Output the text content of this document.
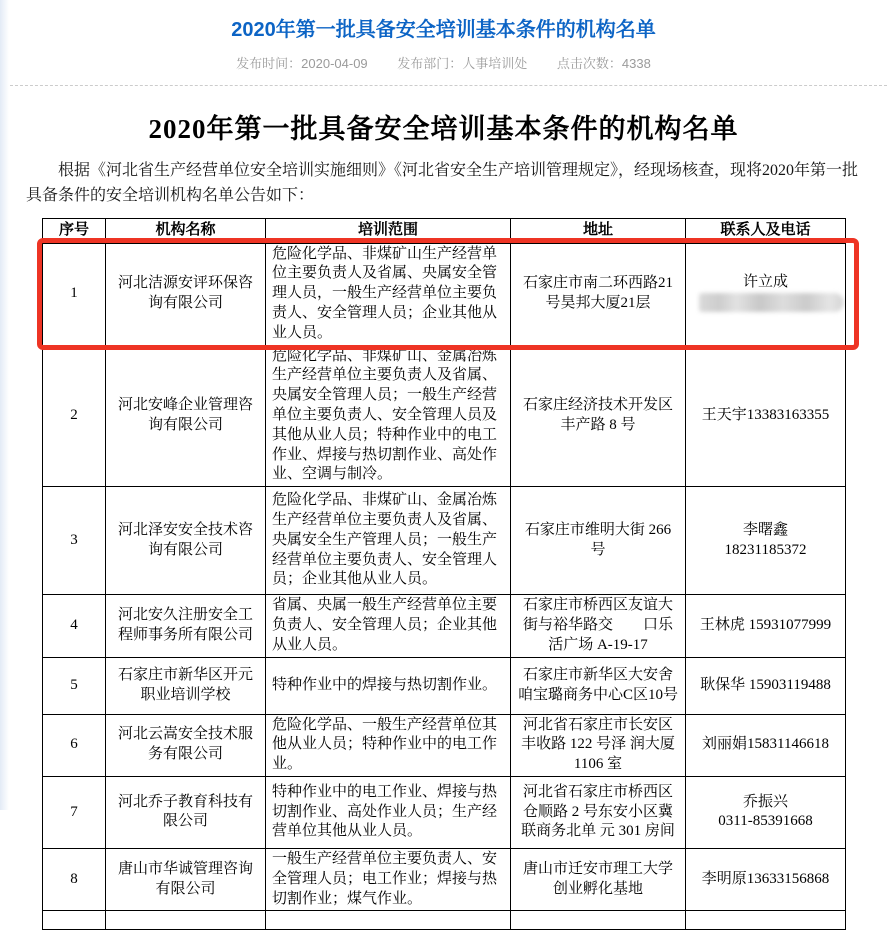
2020年第一批具备安全培训基本条件的机构名单
发布时间：2020-04-09 发布部门：人事培训处 点击次数：4338
2020年第一批具备安全培训基本条件的机构名单

根据《河北省生产经营单位安全培训实施细则》《河北省安全生产培训管理规定》，经现场核查，现将2020年第一批具备条件的安全培训机构名单公告如下：

序号	机构名称	培训范围	地址	联系人及电话
1	河北洁源安评环保咨询有限公司	危险化学品、非煤矿山生产经营单位主要负责人及省属、央属安全管理人员，一般生产经营单位主要负责人、安全管理人员；企业其他从业人员。	石家庄市南二环西路21号昊邦大厦21层	许立成

2	河北安峰企业管理咨询有限公司	危险化学品、非煤矿山、金属冶炼生产经营单位主要负责人及省属、央属安全管理人员；一般生产经营单位主要负责人、安全管理人员及其他从业人员；特种作业中的电工作业、焊接与热切割作业、高处作业、空调与制冷。	石家庄经济技术开发区丰产路 8 号	王天宇13383163355

3	河北泽安安全技术咨询有限公司	危险化学品、非煤矿山、金属冶炼生产经营单位主要负责人及省属、央属安全生产管理人员；一般生产经营单位主要负责人、安全管理人员；企业其他从业人员。	石家庄市维明大街 266 号	李曙鑫
18231185372

4	河北安久注册安全工程师事务所有限公司	省属、央属一般生产经营单位主要负责人、安全管理人员；企业其他从业人员。	石家庄市桥西区友谊大街与裕华路交　　口乐活广场 A-19-17	王林虎 15931077999

5	石家庄市新华区开元职业培训学校	特种作业中的焊接与热切割作业。	石家庄市新华区大安舍咱宝璐商务中心C区10号	耿保华 15903119488

6	河北云嵩安全技术服务有限公司	危险化学品、一般生产经营单位其他从业人员；特种作业中的电工作业。	河北省石家庄市长安区丰收路 122 号泽 润大厦 1106 室	刘丽娟15831146618

7	河北乔子教育科技有限公司	特种作业中的电工作业、焊接与热切割作业、高处作业人员；生产经营单位其他从业人员。	河北省石家庄市桥西区仓顺路 2 号东安小区冀联商务北单 元 301 房间	乔振兴
0311-85391668

8	唐山市华诚管理咨询有限公司	一般生产经营单位主要负责人、安全管理人员；电工作业；焊接与热切割作业；煤气作业。	唐山市迁安市理工大学创业孵化基地	李明原13633156868
